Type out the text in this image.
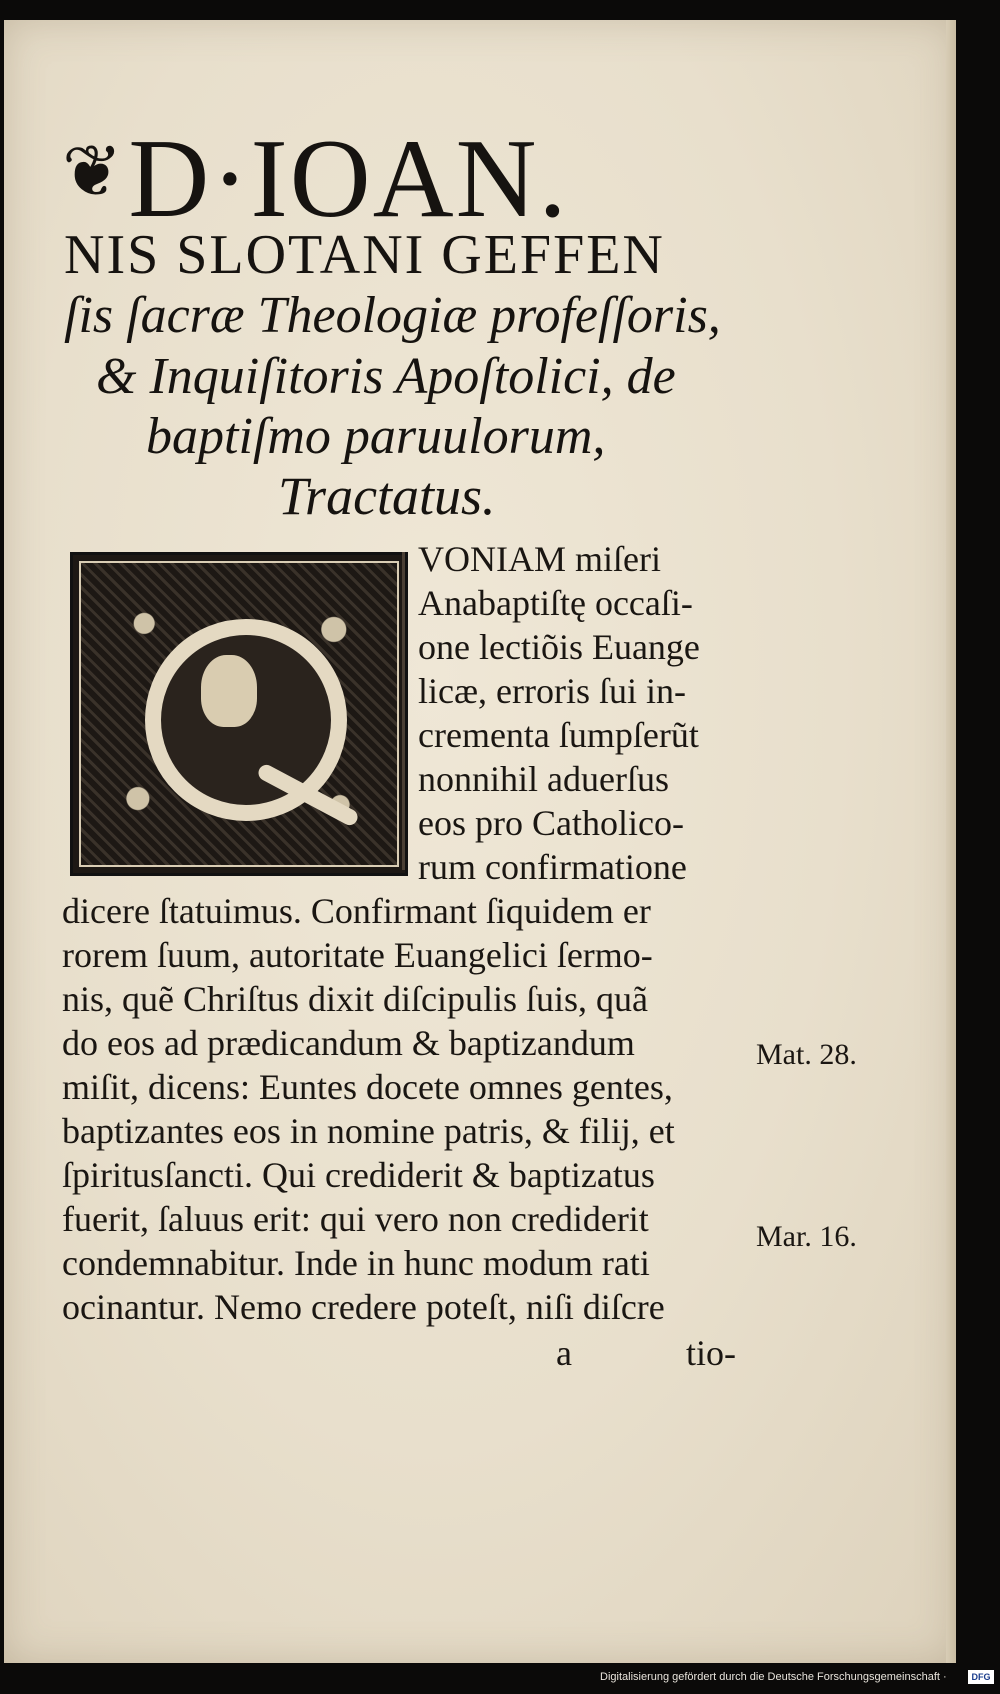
❦D·IOAN.
NIS SLOTANI GEFFEN
ſis ſacræ Theologiæ profeſſoris,
& Inquiſitoris Apoſtolici, de
baptiſmo paruulorum,
Tractatus.
VONIAM miſeri
Anabaptiſtę occaſi-
one lectiõis Euange
licæ, erroris ſui in-
crementa ſumpſerũt
nonnihil aduerſus
eos pro Catholico-
rum confirmatione
dicere ſtatuimus. Confirmant ſiquidem er
rorem ſuum, autoritate Euangelici ſermo-
nis, quẽ Chriſtus dixit diſcipulis ſuis, quã
do eos ad prædicandum & baptizandum
miſit, dicens: Euntes docete omnes gentes,
baptizantes eos in nomine patris, & filĳ, et
ſpiritusſancti. Qui crediderit & baptizatus
fuerit, ſaluus erit: qui vero non crediderit
condemnabitur. Inde in hunc modum rati
ocinantur. Nemo credere poteſt, niſi diſcre
a	tio-
Mat. 28.
Mar. 16.
Digitalisierung gefördert durch die Deutsche Forschungsgemeinschaft ·	DFG
